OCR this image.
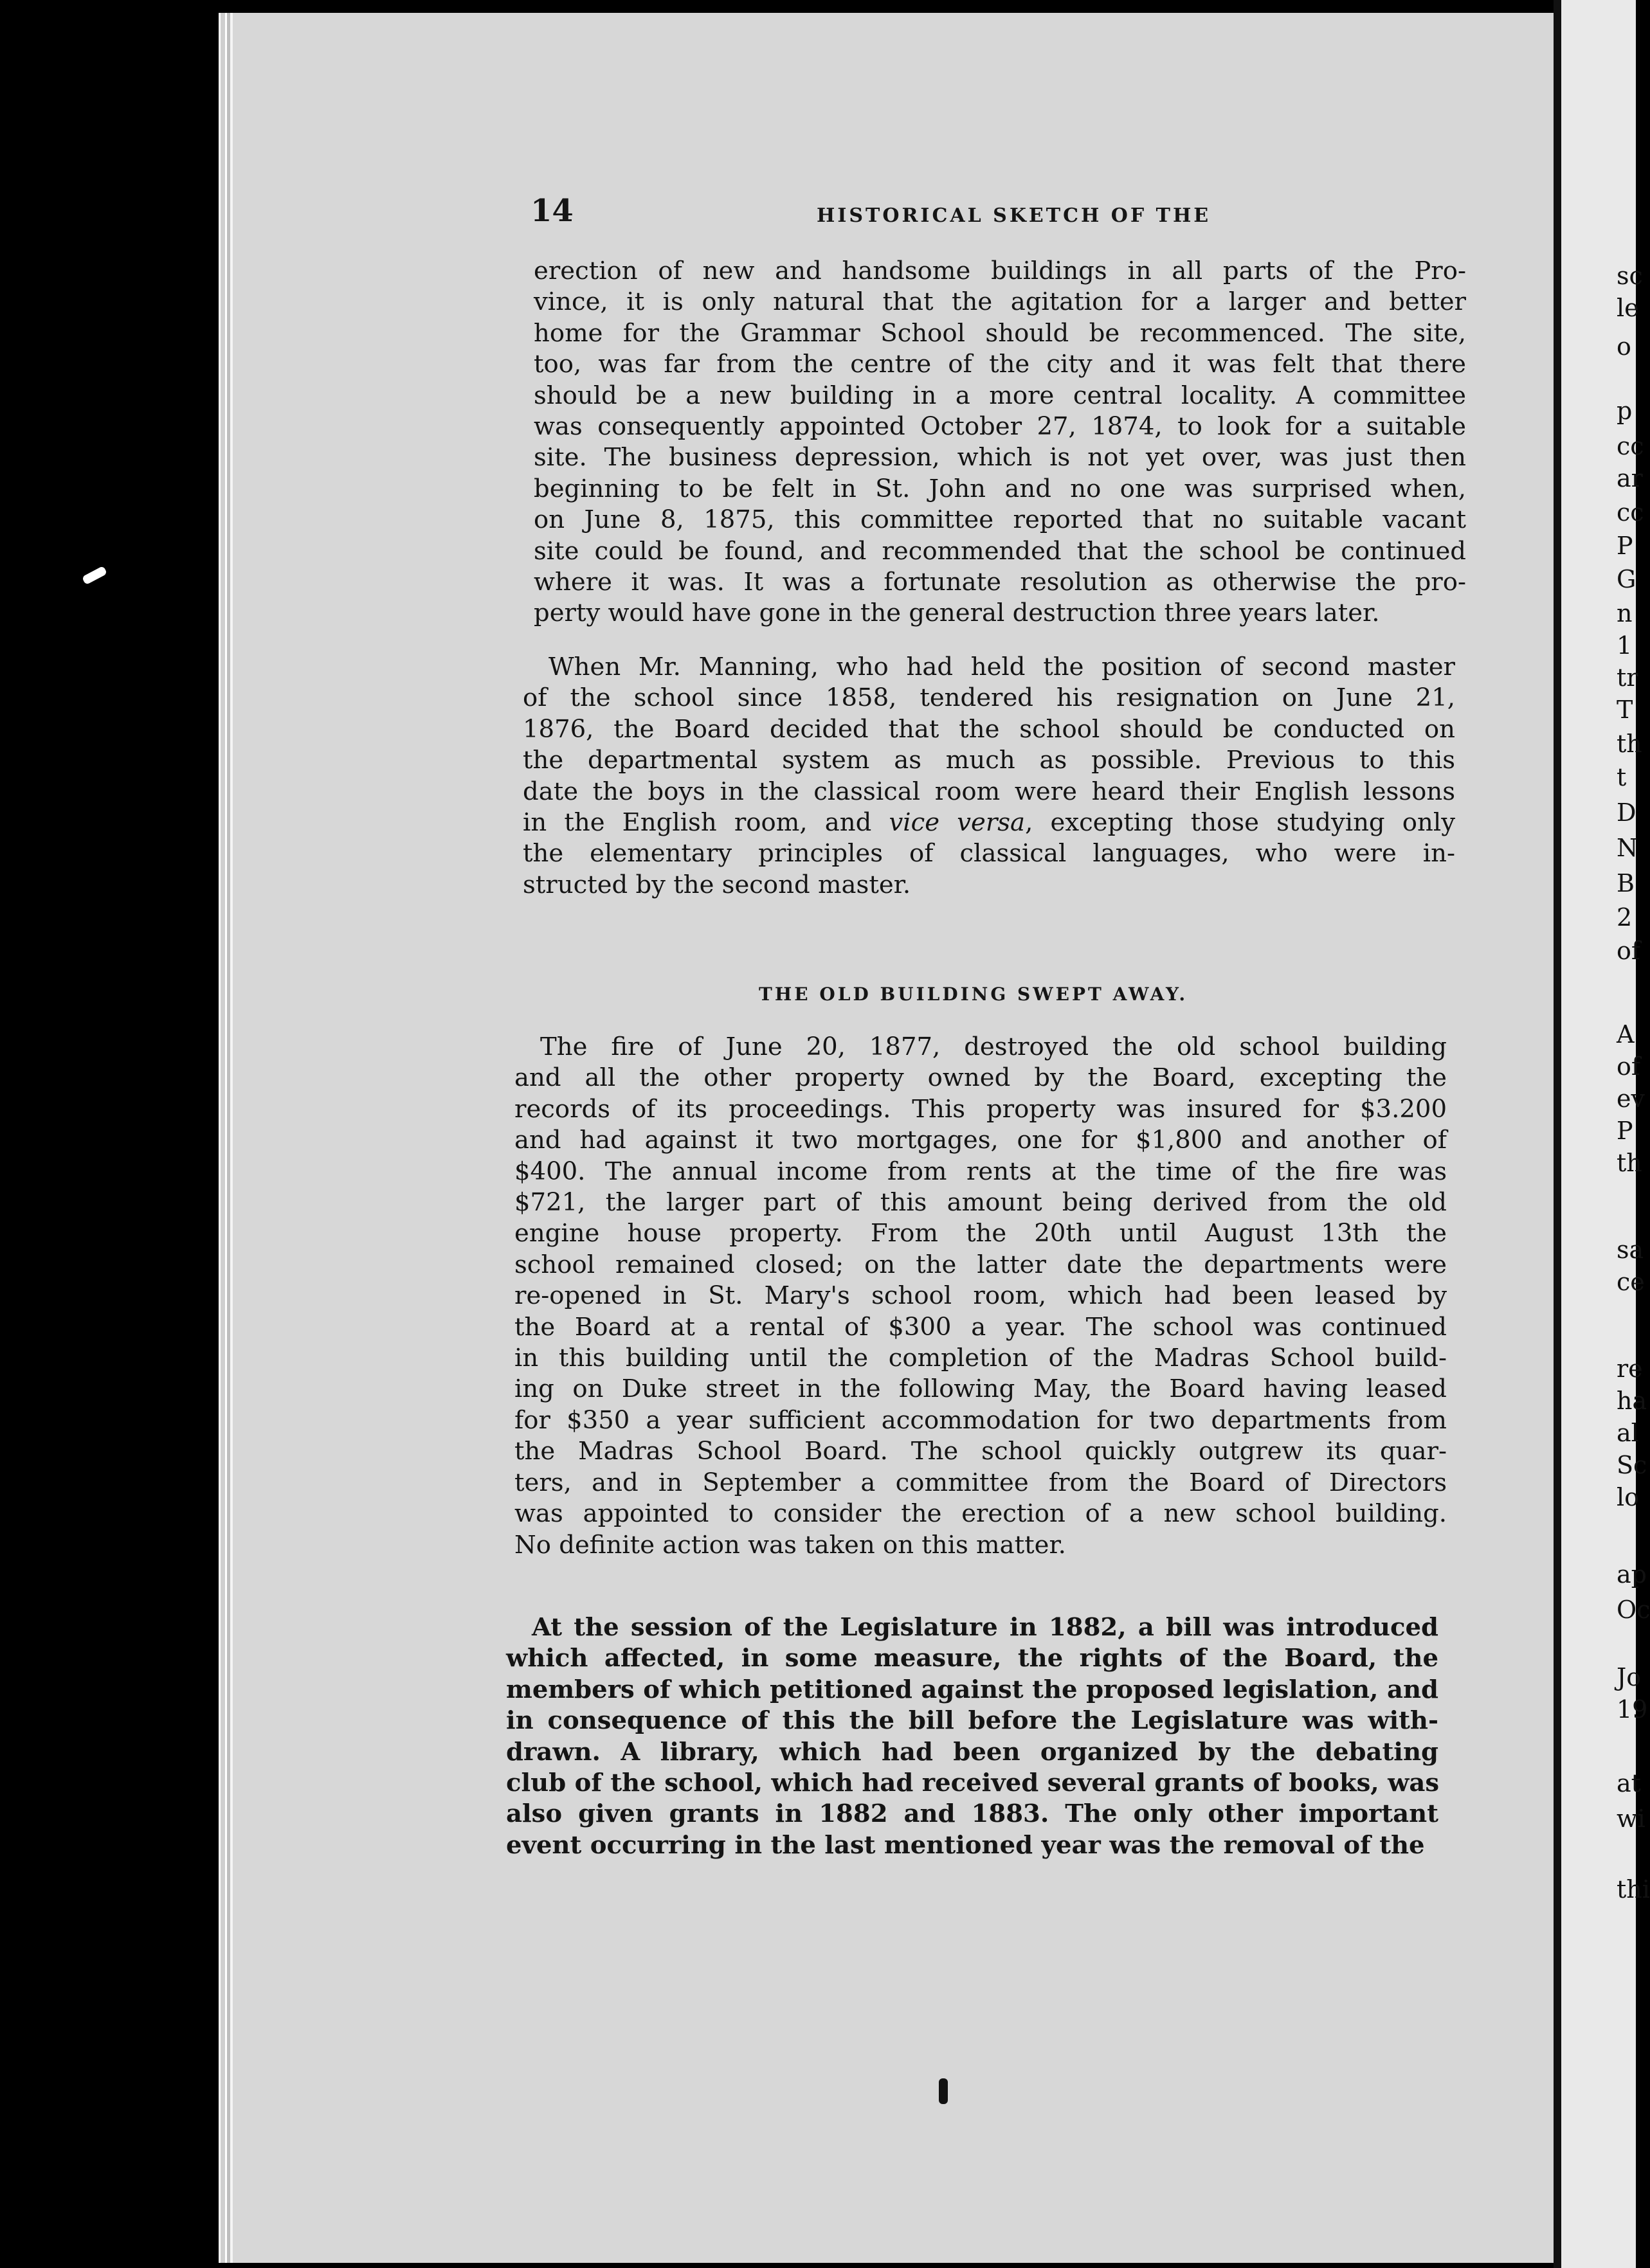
14	HISTORICAL SKETCH OF THE
erection of new and handsome buildings in all parts of the Pro-
vince, it is only natural that the agitation for a larger and better
home for the Grammar School should be recommenced. The site,
too, was far from the centre of the city and it was felt that there
should be a new building in a more central locality. A committee
was consequently appointed October 27, 1874, to look for a suitable
site. The business depression, which is not yet over, was just then
beginning to be felt in St. John and no one was surprised when,
on June 8, 1875, this committee reported that no suitable vacant
site could be found, and recommended that the school be continued
where it was. It was a fortunate resolution as otherwise the pro-
perty would have gone in the general destruction three years later.
When Mr. Manning, who had held the position of second master
of the school since 1858, tendered his resignation on June 21,
1876, the Board decided that the school should be conducted on
the departmental system as much as possible. Previous to this
date the boys in the classical room were heard their English lessons
in the English room, and vice versa, excepting those studying only
the elementary principles of classical languages, who were in-
structed by the second master.
THE OLD BUILDING SWEPT AWAY.
The fire of June 20, 1877, destroyed the old school building
and all the other property owned by the Board, excepting the
records of its proceedings. This property was insured for $3.200
and had against it two mortgages, one for $1,800 and another of
$400. The annual income from rents at the time of the fire was
$721, the larger part of this amount being derived from the old
engine house property. From the 20th until August 13th the
school remained closed; on the latter date the departments were
re-opened in St. Mary's school room, which had been leased by
the Board at a rental of $300 a year. The school was continued
in this building until the completion of the Madras School build-
ing on Duke street in the following May, the Board having leased
for $350 a year sufficient accommodation for two departments from
the Madras School Board. The school quickly outgrew its quar-
ters, and in September a committee from the Board of Directors
was appointed to consider the erection of a new school building.
No definite action was taken on this matter.
At the session of the Legislature in 1882, a bill was introduced
which affected, in some measure, the rights of the Board, the
members of which petitioned against the proposed legislation, and
in consequence of this the bill before the Legislature was with-
drawn. A library, which had been organized by the debating
club of the school, which had received several grants of books, was
also given grants in 1882 and 1883. The only other important
event occurring in the last mentioned year was the removal of the
sc
le
o
p
cc
ar
cc
P
G
n
1
tr
T
th
t
D
N
B
2
of
A
of
ev
P
th
sa
ce
re
ha
al
Sc
lo
ap
Oc
Jo
19
at
wi
thi
